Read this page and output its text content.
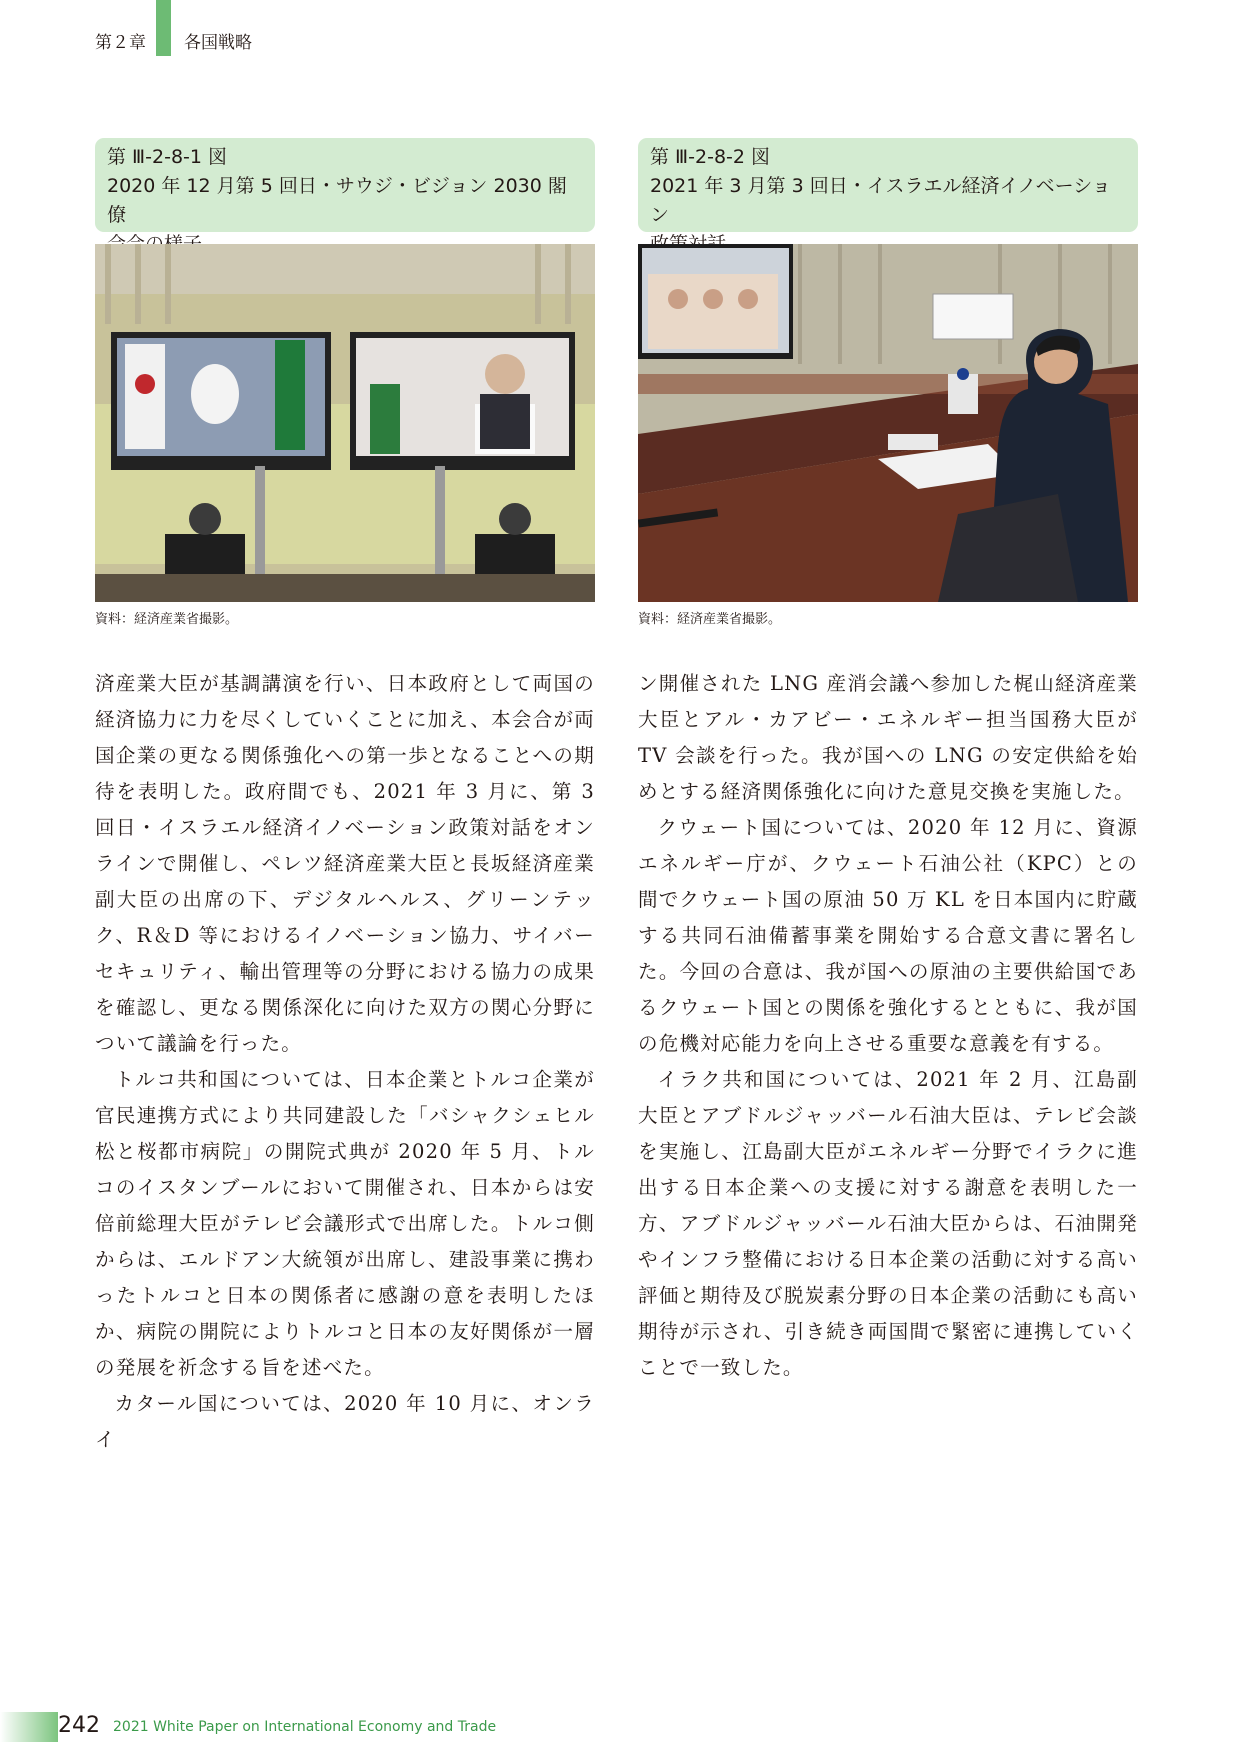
第２章 各国戦略
第 Ⅲ-2-8-1 図
2020 年 12 月第 5 回日・サウジ・ビジョン 2030 閣僚
資料：経済産業省撮影。
第 Ⅲ-2-8-2 図
2021 年 3 月第 3 回日・イスラエル経済イノベーション
資料：経済産業省撮影。

済産業大臣が基調講演を行い、日本政府として両国の経済協力に力を尽くしていくことに加え、本会合が両国企業の更なる関係強化への第一歩となることへの期待を表明した。政府間でも、2021 年 3 月に、第 3 回日・イスラエル経済イノベーション政策対話をオンラインで開催し、ペレツ経済産業大臣と長坂経済産業副大臣の出席の下、デジタルヘルス、グリーンテック、R＆D 等におけるイノベーション協力、サイバーセキュリティ、輸出管理等の分野における協力の成果を確認し、更なる関係深化に向けた双方の関心分野について議論を行った。

トルコ共和国については、日本企業とトルコ企業が官民連携方式により共同建設した「バシャクシェヒル松と桜都市病院」の開院式典が 2020 年 5 月、トルコのイスタンブールにおいて開催され、日本からは安倍前総理大臣がテレビ会議形式で出席した。トルコ側からは、エルドアン大統領が出席し、建設事業に携わったトルコと日本の関係者に感謝の意を表明したほか、病院の開院によりトルコと日本の友好関係が一層の発展を祈念する旨を述べた。

カタール国については、2020 年 10 月に、オンライ

ン開催された LNG 産消会議へ参加した梶山経済産業大臣とアル・カアビー・エネルギー担当国務大臣が TV 会談を行った。我が国への LNG の安定供給を始めとする経済関係強化に向けた意見交換を実施した。

クウェート国については、2020 年 12 月に、資源エネルギー庁が、クウェート石油公社（KPC）との間でクウェート国の原油 50 万 KL を日本国内に貯蔵する共同石油備蓄事業を開始する合意文書に署名した。今回の合意は、我が国への原油の主要供給国であるクウェート国との関係を強化するとともに、我が国の危機対応能力を向上させる重要な意義を有する。

イラク共和国については、2021 年 2 月、江島副大臣とアブドルジャッバール石油大臣は、テレビ会談を実施し、江島副大臣がエネルギー分野でイラクに進出する日本企業への支援に対する謝意を表明した一方、アブドルジャッバール石油大臣からは、石油開発やインフラ整備における日本企業の活動に対する高い評価と期待及び脱炭素分野の日本企業の活動にも高い期待が示され、引き続き両国間で緊密に連携していくことで一致した。

242 2021 White Paper on International Economy and Trade
